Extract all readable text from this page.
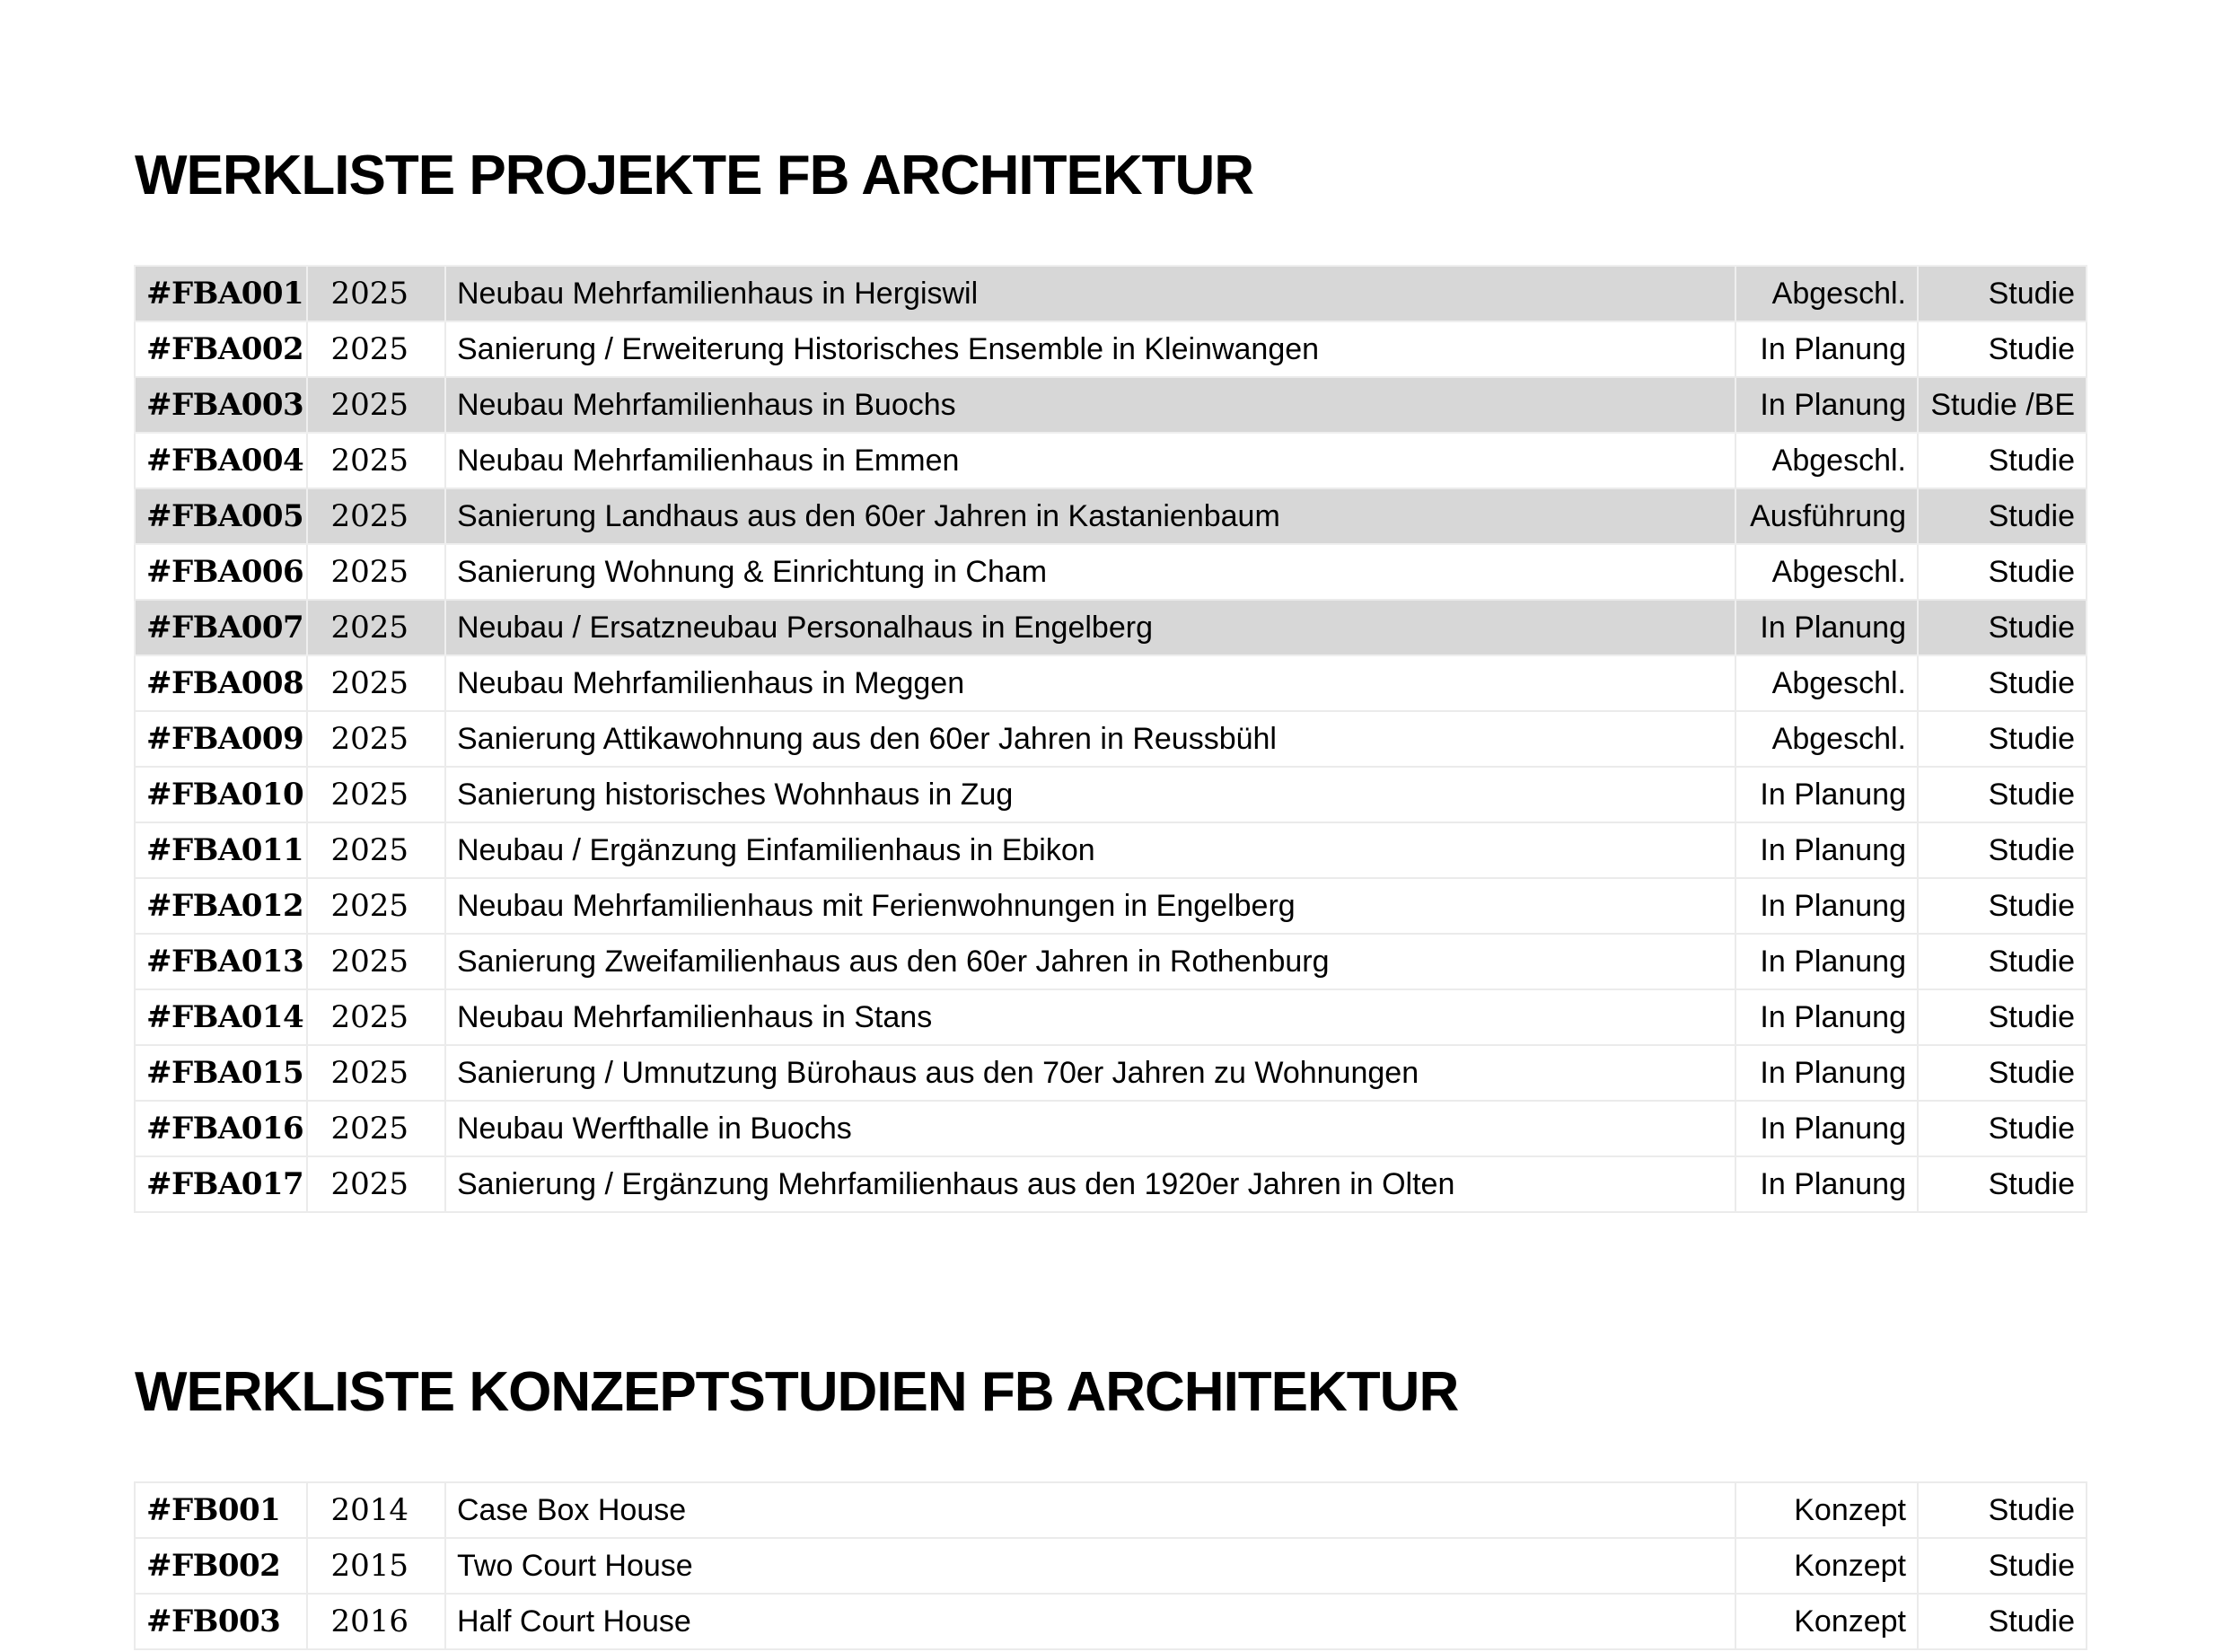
WERKLISTE PROJEKTE FB ARCHITEKTUR
#FBA001	2025	Neubau Mehrfamilienhaus in Hergiswil	Abgeschl.	Studie
#FBA002	2025	Sanierung / Erweiterung Historisches Ensemble in Kleinwangen	In Planung	Studie
#FBA003	2025	Neubau Mehrfamilienhaus in Buochs	In Planung	Studie /BE
#FBA004	2025	Neubau Mehrfamilienhaus in Emmen	Abgeschl.	Studie
#FBA005	2025	Sanierung Landhaus aus den 60er Jahren in Kastanienbaum	Ausführung	Studie
#FBA006	2025	Sanierung Wohnung & Einrichtung in Cham	Abgeschl.	Studie
#FBA007	2025	Neubau / Ersatzneubau Personalhaus in Engelberg	In Planung	Studie
#FBA008	2025	Neubau Mehrfamilienhaus in Meggen	Abgeschl.	Studie
#FBA009	2025	Sanierung Attikawohnung aus den 60er Jahren in Reussbühl	Abgeschl.	Studie
#FBA010	2025	Sanierung historisches Wohnhaus in Zug	In Planung	Studie
#FBA011	2025	Neubau / Ergänzung Einfamilienhaus in Ebikon	In Planung	Studie
#FBA012	2025	Neubau Mehrfamilienhaus mit Ferienwohnungen in Engelberg	In Planung	Studie
#FBA013	2025	Sanierung Zweifamilienhaus aus den 60er Jahren in Rothenburg	In Planung	Studie
#FBA014	2025	Neubau Mehrfamilienhaus in Stans	In Planung	Studie
#FBA015	2025	Sanierung / Umnutzung Bürohaus aus den 70er Jahren zu Wohnungen	In Planung	Studie
#FBA016	2025	Neubau Werfthalle in Buochs	In Planung	Studie
#FBA017	2025	Sanierung / Ergänzung Mehrfamilienhaus aus den 1920er Jahren in Olten	In Planung	Studie
WERKLISTE KONZEPTSTUDIEN FB ARCHITEKTUR
#FB001	2014	Case Box House	Konzept	Studie
#FB002	2015	Two Court House	Konzept	Studie
#FB003	2016	Half Court House	Konzept	Studie
